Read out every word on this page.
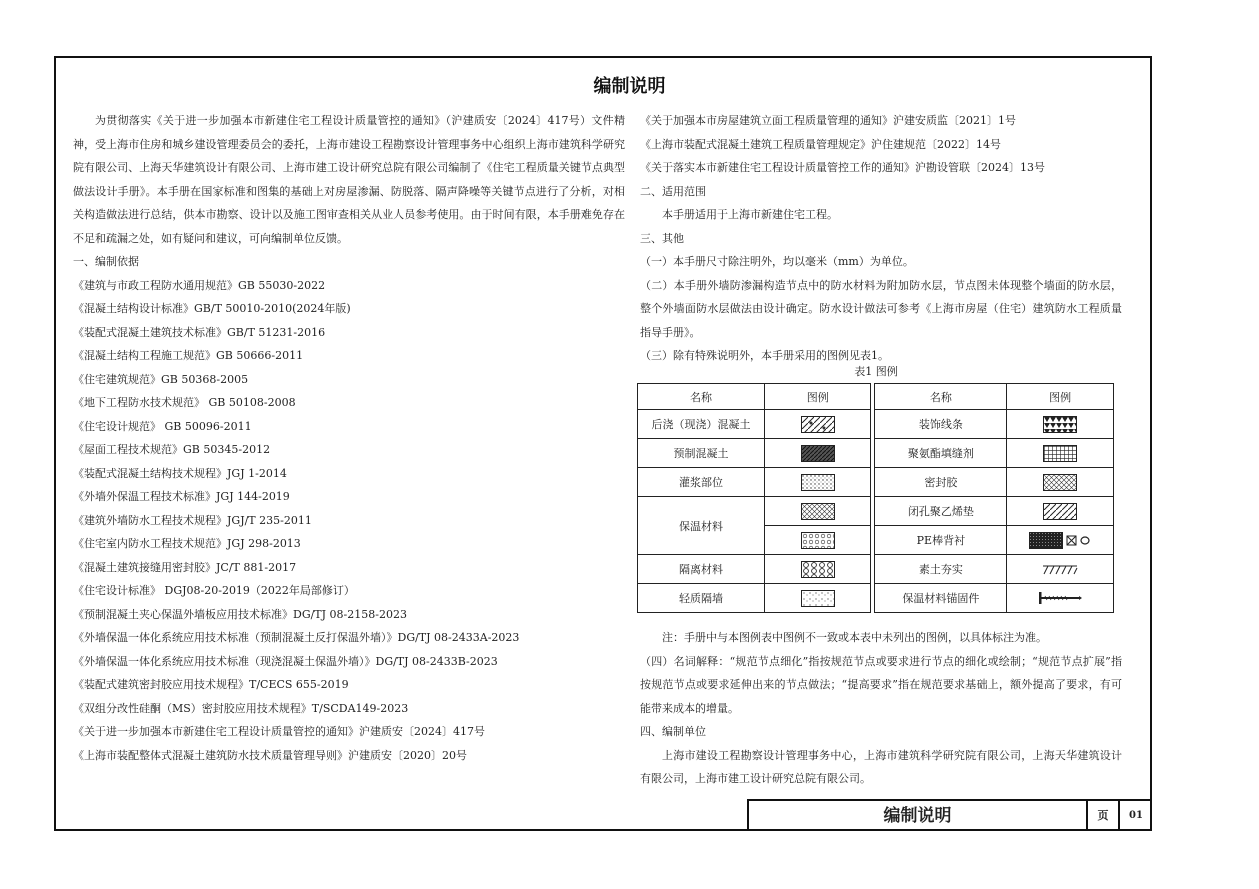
编制说明

为贯彻落实《关于进一步加强本市新建住宅工程设计质量管控的通知》（沪建质安〔2024〕417号）文件精神，受上海市住房和城乡建设管理委员会的委托，上海市建设工程勘察设计管理事务中心组织上海市建筑科学研究院有限公司、上海天华建筑设计有限公司、上海市建工设计研究总院有限公司编制了《住宅工程质量关键节点典型做法设计手册》。本手册在国家标准和图集的基础上对房屋渗漏、防脱落、隔声降噪等关键节点进行了分析，对相关构造做法进行总结，供本市勘察、设计以及施工图审查相关从业人员参考使用。由于时间有限，本手册难免存在不足和疏漏之处，如有疑问和建议，可向编制单位反馈。

一、编制依据

《建筑与市政工程防水通用规范》GB 55030-2022

《混凝土结构设计标准》GB/T 50010-2010(2024年版)

《装配式混凝土建筑技术标准》GB/T 51231-2016

《混凝土结构工程施工规范》GB 50666-2011

《住宅建筑规范》GB 50368-2005

《地下工程防水技术规范》 GB 50108-2008

《住宅设计规范》 GB 50096-2011

《屋面工程技术规范》GB 50345-2012

《装配式混凝土结构技术规程》JGJ 1-2014

《外墙外保温工程技术标准》JGJ 144-2019

《建筑外墙防水工程技术规程》JGJ/T 235-2011

《住宅室内防水工程技术规范》JGJ 298-2013

《混凝土建筑接缝用密封胶》JC/T 881-2017

《住宅设计标准》 DGJ08-20-2019（2022年局部修订）

《预制混凝土夹心保温外墙板应用技术标准》DG/TJ 08-2158-2023

《外墙保温一体化系统应用技术标准（预制混凝土反打保温外墙）》DG/TJ 08-2433A-2023

《外墙保温一体化系统应用技术标准（现浇混凝土保温外墙）》DG/TJ 08-2433B-2023

《装配式建筑密封胶应用技术规程》T/CECS 655-2019

《双组分改性硅酮（MS）密封胶应用技术规程》T/SCDA149-2023

《关于进一步加强本市新建住宅工程设计质量管控的通知》沪建质安〔2024〕417号

《上海市装配整体式混凝土建筑防水技术质量管理导则》沪建质安〔2020〕20号

《关于加强本市房屋建筑立面工程质量管理的通知》沪建安质监〔2021〕1号

《上海市装配式混凝土建筑工程质量管理规定》沪住建规范〔2022〕14号

《关于落实本市新建住宅工程设计质量管控工作的通知》沪勘设管联〔2024〕13号

二、适用范围

本手册适用于上海市新建住宅工程。

三、其他

（一）本手册尺寸除注明外，均以毫米（mm）为单位。

（二）本手册外墙防渗漏构造节点中的防水材料为附加防水层，节点图未体现整个墙面的防水层，整个外墙面防水层做法由设计确定。防水设计做法可参考《上海市房屋（住宅）建筑防水工程质量指导手册》。

（三）除有特殊说明外，本手册采用的图例见表1。

表1 图例
名称	图例		名称	图例
后浇（现浇）混凝土			装饰线条	
预制混凝土			聚氨酯填缝剂	
灌浆部位			密封胶	
保温材料			闭孔聚乙烯垫	
		PE棒背衬	
隔离材料			素土夯实	
轻质隔墙			保温材料锚固件	

注：手册中与本图例表中图例不一致或本表中未列出的图例，以具体标注为准。

（四）名词解释：“规范节点细化”指按规范节点或要求进行节点的细化或绘制；“规范节点扩展”指按规范节点或要求延伸出来的节点做法；“提高要求”指在规范要求基础上，额外提高了要求，有可能带来成本的增量。

四、编制单位

上海市建设工程勘察设计管理事务中心，上海市建筑科学研究院有限公司，上海天华建筑设计有限公司，上海市建工设计研究总院有限公司。

编制说明	页	01
